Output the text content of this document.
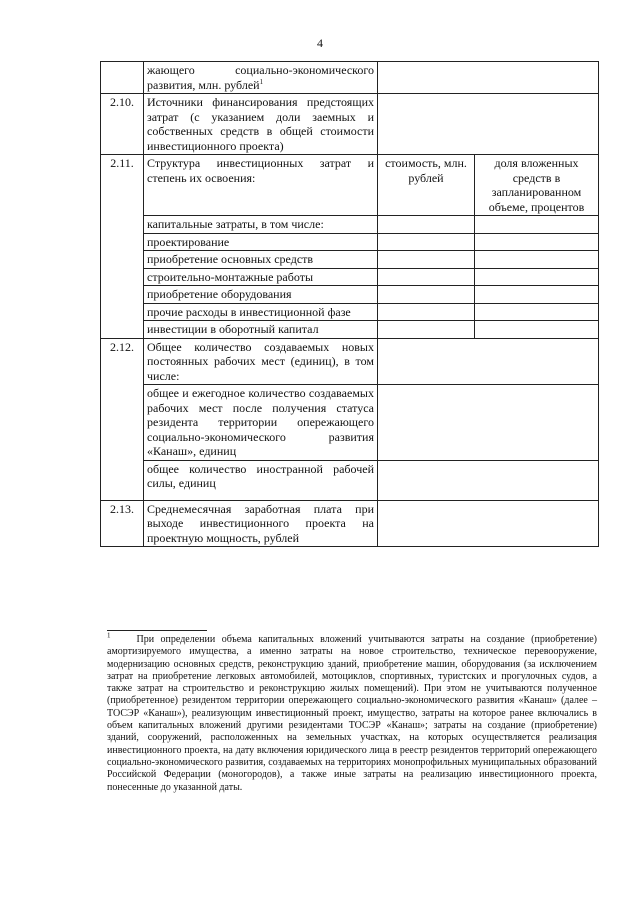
4
	жающего социально-экономического развития, млн. рублей$^1$	
2.10.	Источники финансирования предстоящих затрат (с указанием доли заемных и собственных средств в общей стоимости инвестиционного проекта)		
2.11.	Структура инвестиционных затрат и степень их освоения:	стоимость, млн. рублей	доля вложенных средств в запланированном объеме, процентов
	капитальные затраты, в том числе:		
	проектирование		
	приобретение основных средств		
	строительно-монтажные работы		
	приобретение оборудования		
	прочие расходы в инвестиционной фазе		
	инвестиции в оборотный капитал		
2.12.	Общее количество создаваемых новых постоянных рабочих мест (единиц), в том числе:		
	общее и ежегодное количество создаваемых рабочих мест после получения статуса резидента территории опережающего социально-экономического развития «Канаш», единиц		
	общее количество иностранной рабочей силы, единиц		
2.13.	Среднемесячная заработная плата при выходе инвестиционного проекта на проектную мощность, рублей		
$^1$	При определении объема капитальных вложений учитываются затраты на создание (приобретение) амортизируемого имущества, а именно затраты на новое строительство, техническое перевооружение, модернизацию основных средств, реконструкцию зданий, приобретение машин, оборудования (за исключением затрат на приобретение легковых автомобилей, мотоциклов, спортивных, туристских и прогулочных судов, а также затрат на строительство и реконструкцию жилых помещений). При этом не учитываются полученное (приобретенное) резидентом территории опережающего социально-экономического развития «Канаш» (далее – ТОСЭР «Канаш»), реализующим инвестиционный проект, имущество, затраты на которое ранее включались в объем капитальных вложений другими резидентами ТОСЭР «Канаш»; затраты на создание (приобретение) зданий, сооружений, расположенных на земельных участках, на которых осуществляется реализация инвестиционного проекта, на дату включения юридического лица в реестр резидентов территорий опережающего социально-экономического развития, создаваемых на территориях монопрофильных муниципальных образований Российской Федерации (моногородов), а также иные затраты на реализацию инвестиционного проекта, понесенные до указанной даты.
